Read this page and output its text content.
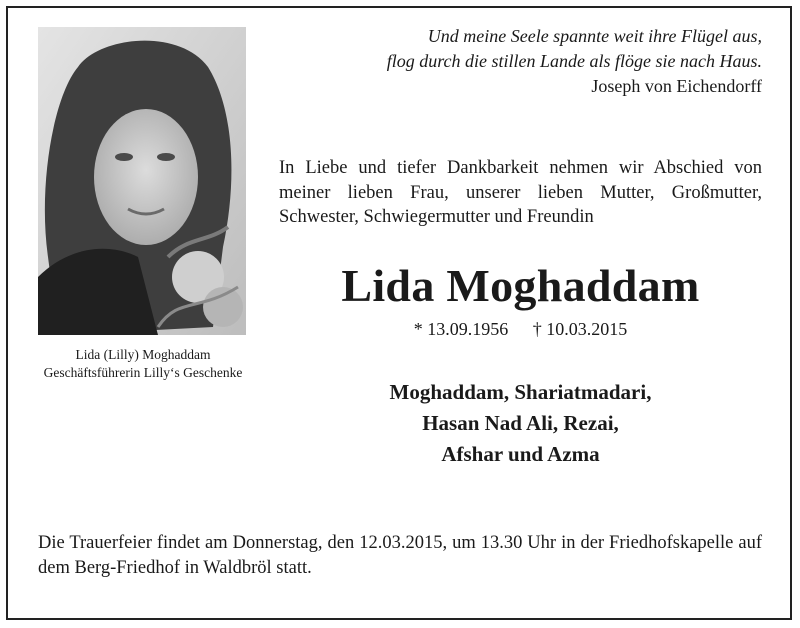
Lida (Lilly) Moghaddam
Geschäftsführerin Lilly‘s Geschenke
Und meine Seele spannte weit ihre Flügel aus,
flog durch die stillen Lande als flöge sie nach Haus.
Joseph von Eichendorff
In Liebe und tiefer Dankbarkeit nehmen wir Abschied von meiner lieben Frau, unserer lieben Mutter, Großmutter, Schwester, Schwiegermutter und Freundin
Lida Moghaddam
* 13.09.1956 † 10.03.2015
Moghaddam, Shariatmadari,
Hasan Nad Ali, Rezai,
Afshar und Azma
Die Trauerfeier findet am Donnerstag, den 12.03.2015, um 13.30 Uhr in der Friedhofskapelle auf dem Berg-Friedhof in Waldbröl statt.
